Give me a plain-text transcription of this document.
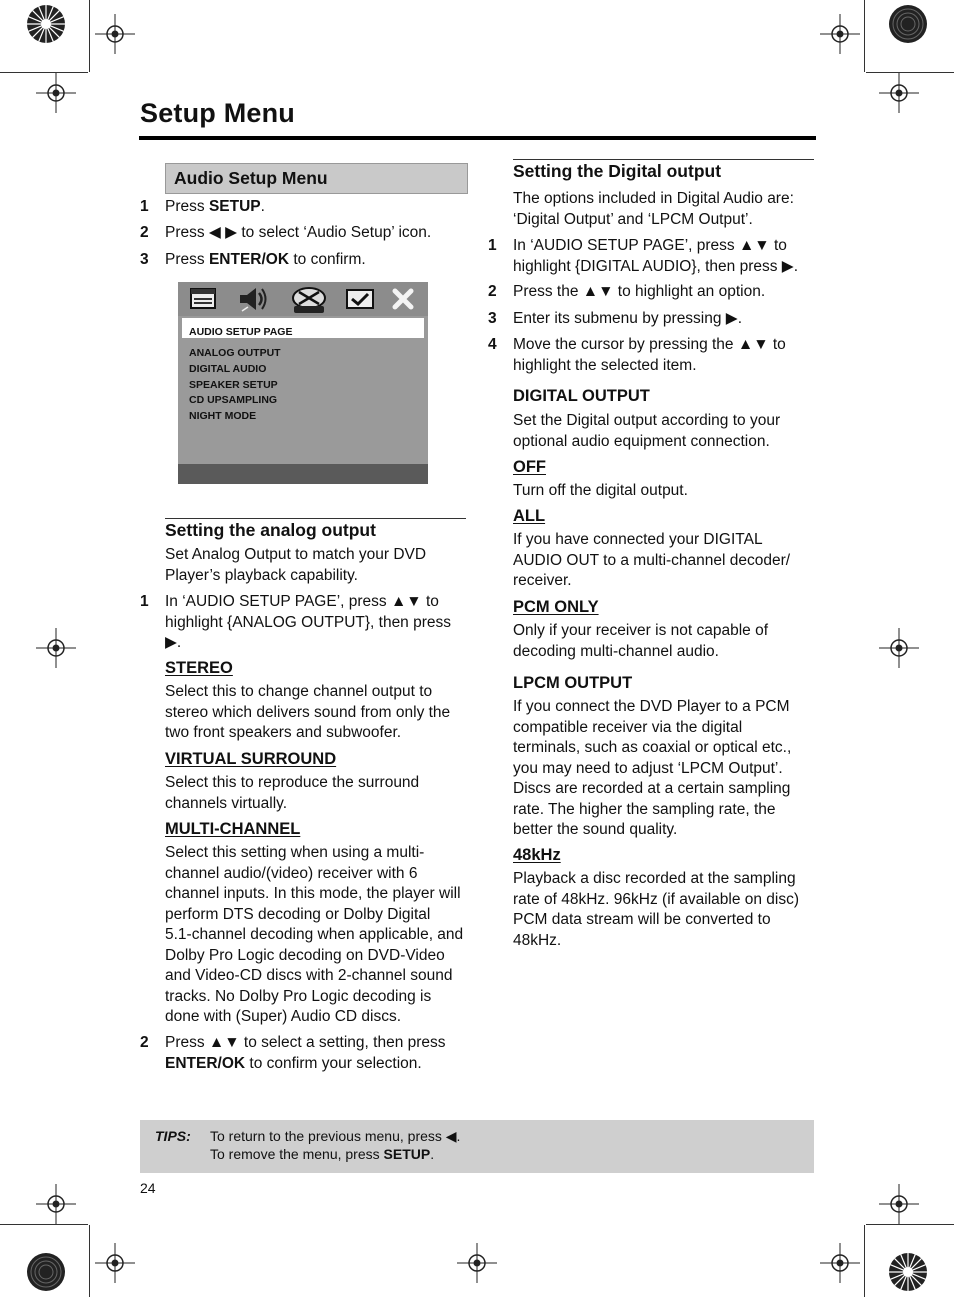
Setup Menu
Audio Setup Menu
1 Press SETUP.
2 Press ◀ ▶ to select ‘Audio Setup’ icon.
3 Press ENTER/OK to confirm.
AUDIO SETUP PAGE
ANALOG OUTPUT
DIGITAL AUDIO
SPEAKER SETUP
CD UPSAMPLING
NIGHT MODE
Setting the analog output
Set Analog Output to match your DVD
Player’s playback capability.
1 In ‘AUDIO SETUP PAGE’, press ▲▼ to
highlight {ANALOG OUTPUT}, then press
▶.
STEREO
Select this to change channel output to
stereo which delivers sound from only the
two front speakers and subwoofer.
VIRTUAL SURROUND
Select this to reproduce the surround
channels virtually.
MULTI-CHANNEL
Select this setting when using a multi-
channel audio/(video) receiver with 6
channel inputs. In this mode, the player will
perform DTS decoding or Dolby Digital
5.1-channel decoding when applicable, and
Dolby Pro Logic decoding on DVD-Video
and Video-CD discs with 2-channel sound
tracks. No Dolby Pro Logic decoding is
done with (Super) Audio CD discs.
2 Press ▲▼ to select a setting, then press
ENTER/OK to confirm your selection.
Setting the Digital output
The options included in Digital Audio are:
‘Digital Output’ and ‘LPCM Output’.
1 In ‘AUDIO SETUP PAGE’, press ▲▼ to
highlight {DIGITAL AUDIO}, then press ▶.
2 Press the ▲▼ to highlight an option.
3 Enter its submenu by pressing ▶.
4 Move the cursor by pressing the ▲▼ to
highlight the selected item.
DIGITAL OUTPUT
Set the Digital output according to your
optional audio equipment connection.
OFF
Turn off the digital output.
ALL
If you have connected your DIGITAL
AUDIO OUT to a multi-channel decoder/
receiver.
PCM ONLY
Only if your receiver is not capable of
decoding multi-channel audio.
LPCM OUTPUT
If you connect the DVD Player to a PCM
compatible receiver via the digital
terminals, such as coaxial or optical etc.,
you may need to adjust ‘LPCM Output’.
Discs are recorded at a certain sampling
rate. The higher the sampling rate, the
better the sound quality.
48kHz
Playback a disc recorded at the sampling
rate of 48kHz. 96kHz (if available on disc)
PCM data stream will be converted to
48kHz.
TIPS: To return to the previous menu, press ◀.
To remove the menu, press SETUP.
24
